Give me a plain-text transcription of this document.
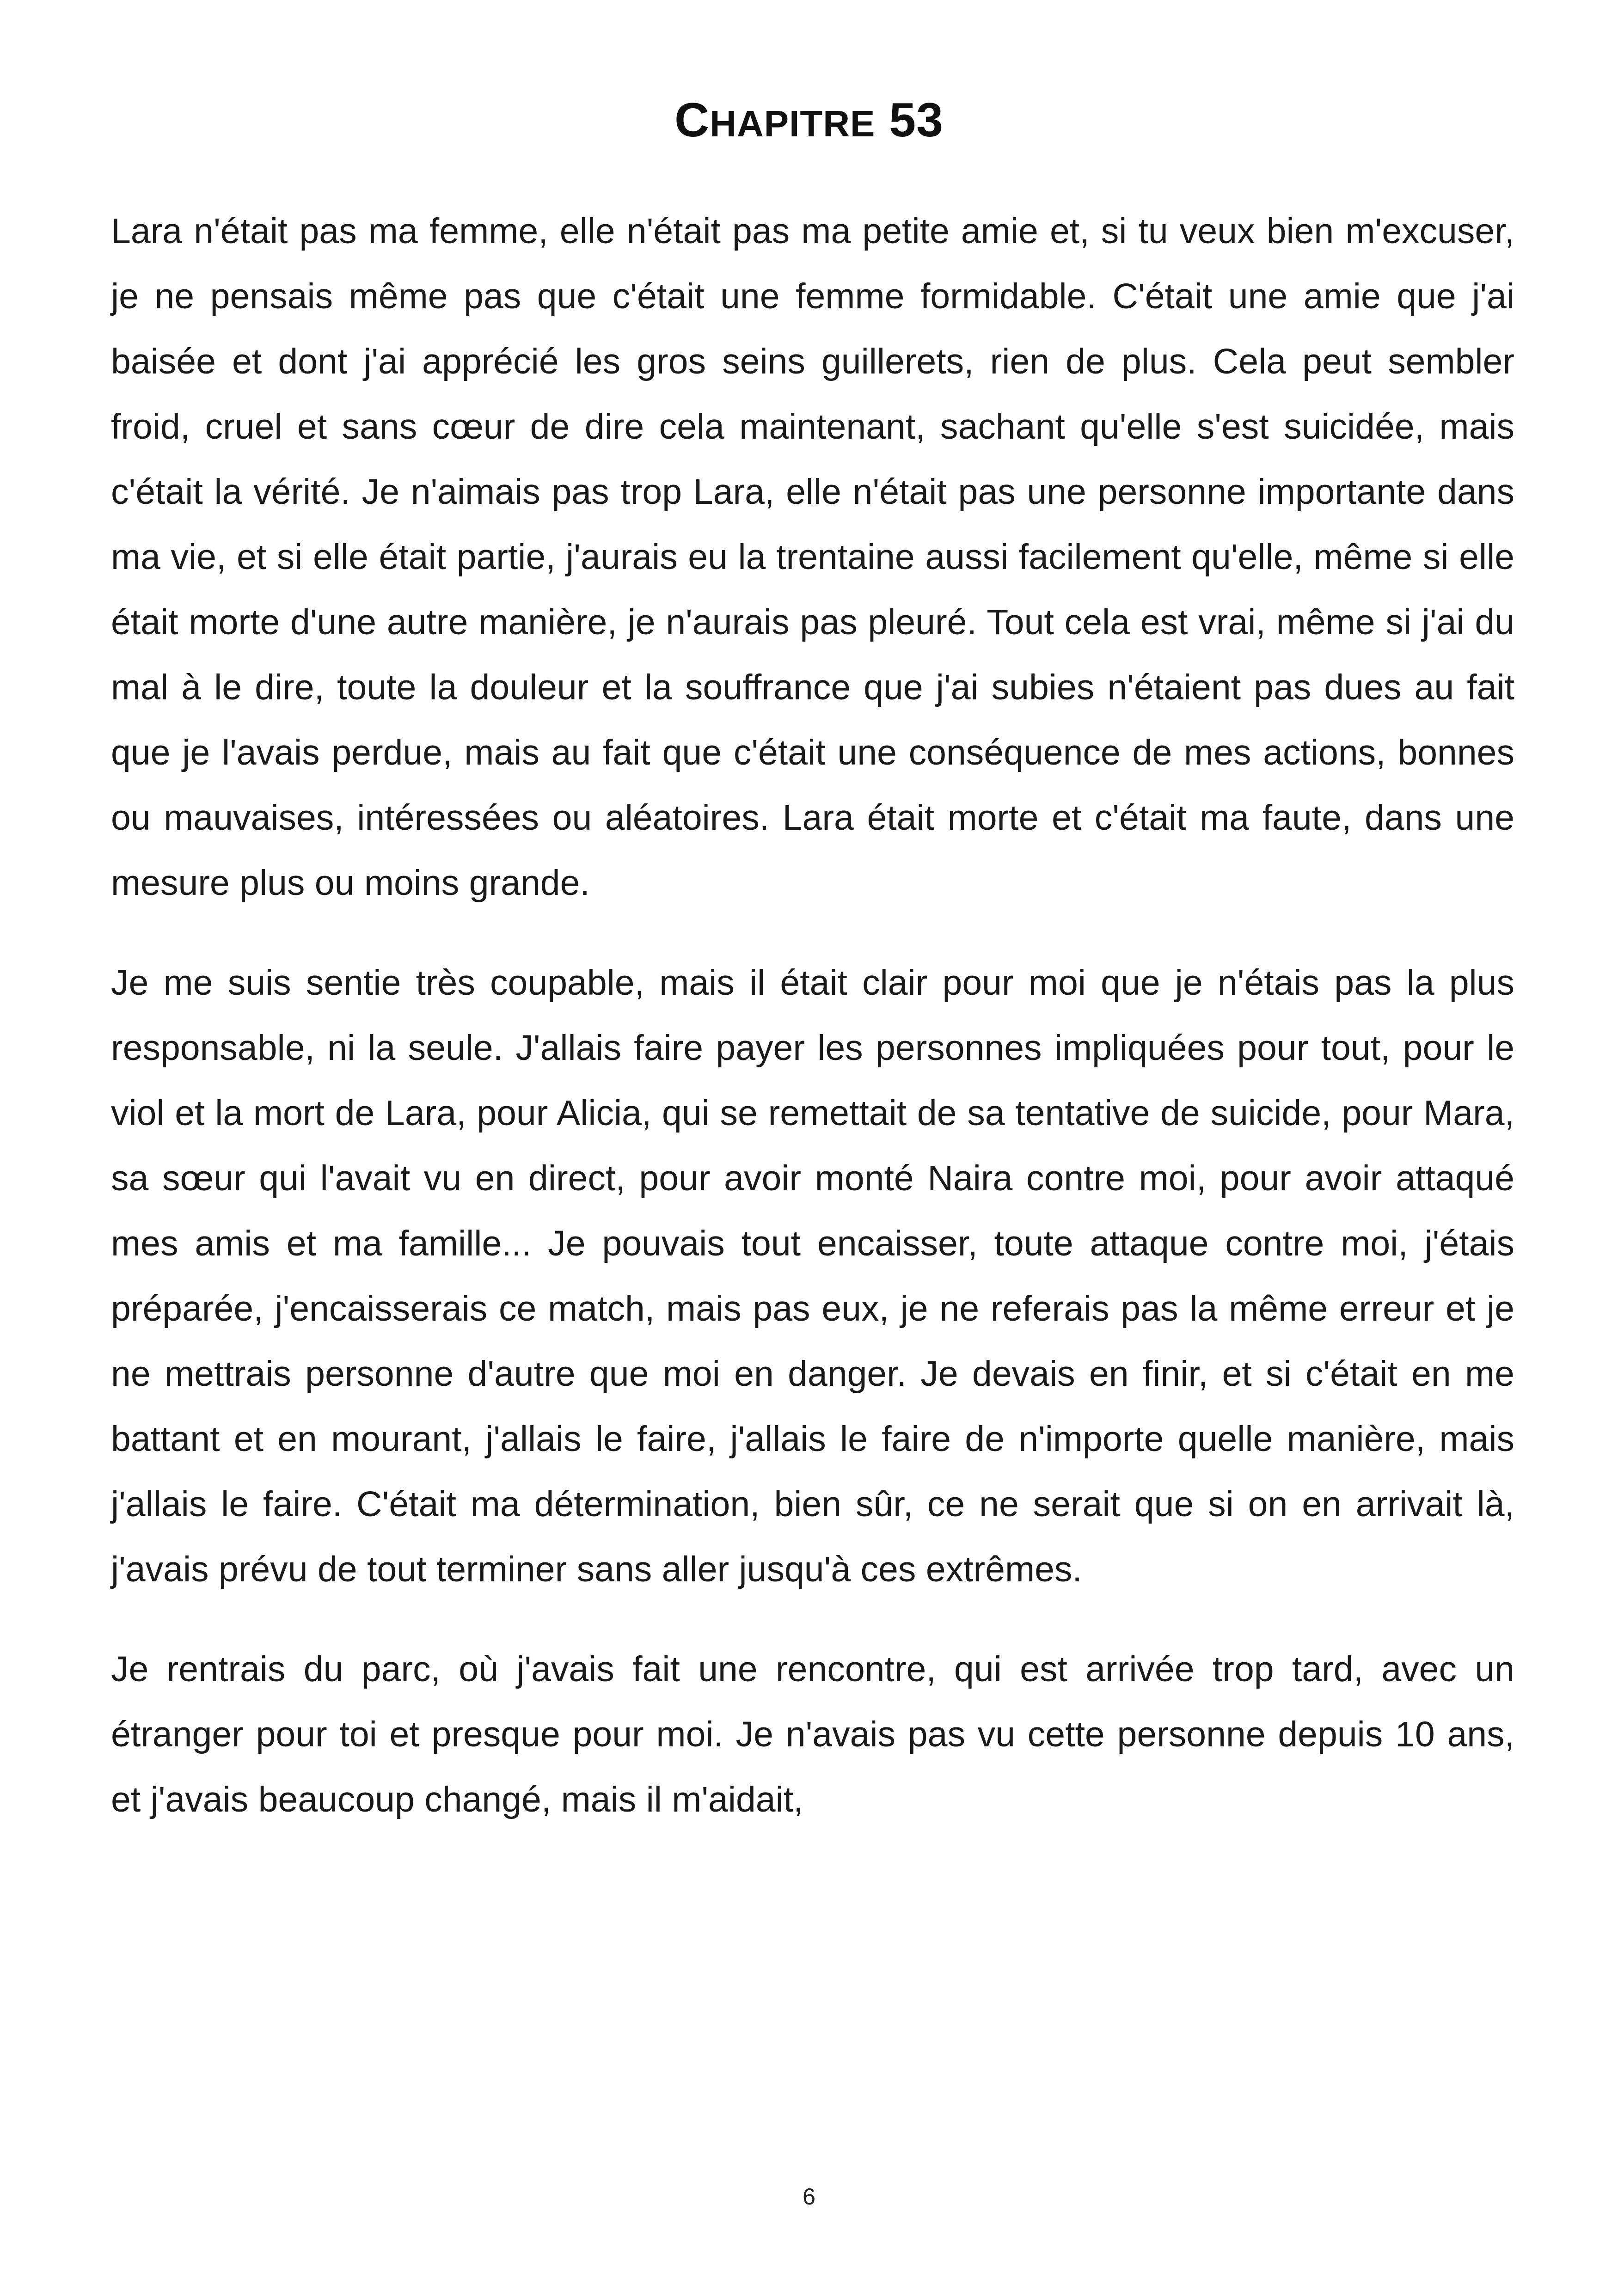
CHAPITRE 53

Lara n'était pas ma femme, elle n'était pas ma petite amie et, si tu veux bien m'excuser, je ne pensais même pas que c'était une femme formidable. C'était une amie que j'ai baisée et dont j'ai apprécié les gros seins guillerets, rien de plus. Cela peut sembler froid, cruel et sans cœur de dire cela maintenant, sachant qu'elle s'est suicidée, mais c'était la vérité. Je n'aimais pas trop Lara, elle n'était pas une personne importante dans ma vie, et si elle était partie, j'aurais eu la trentaine aussi facilement qu'elle, même si elle était morte d'une autre manière, je n'aurais pas pleuré. Tout cela est vrai, même si j'ai du mal à le dire, toute la douleur et la souffrance que j'ai subies n'étaient pas dues au fait que je l'avais perdue, mais au fait que c'était une conséquence de mes actions, bonnes ou mauvaises, intéressées ou aléatoires. Lara était morte et c'était ma faute, dans une mesure plus ou moins grande.

Je me suis sentie très coupable, mais il était clair pour moi que je n'étais pas la plus responsable, ni la seule. J'allais faire payer les personnes impliquées pour tout, pour le viol et la mort de Lara, pour Alicia, qui se remettait de sa tentative de suicide, pour Mara, sa sœur qui l'avait vu en direct, pour avoir monté Naira contre moi, pour avoir attaqué mes amis et ma famille... Je pouvais tout encaisser, toute attaque contre moi, j'étais préparée, j'encaisserais ce match, mais pas eux, je ne referais pas la même erreur et je ne mettrais personne d'autre que moi en danger. Je devais en finir, et si c'était en me battant et en mourant, j'allais le faire, j'allais le faire de n'importe quelle manière, mais j'allais le faire. C'était ma détermination, bien sûr, ce ne serait que si on en arrivait là, j'avais prévu de tout terminer sans aller jusqu'à ces extrêmes.

Je rentrais du parc, où j'avais fait une rencontre, qui est arrivée trop tard, avec un étranger pour toi et presque pour moi. Je n'avais pas vu cette personne depuis 10 ans, et j'avais beaucoup changé, mais il m'aidait,

6
